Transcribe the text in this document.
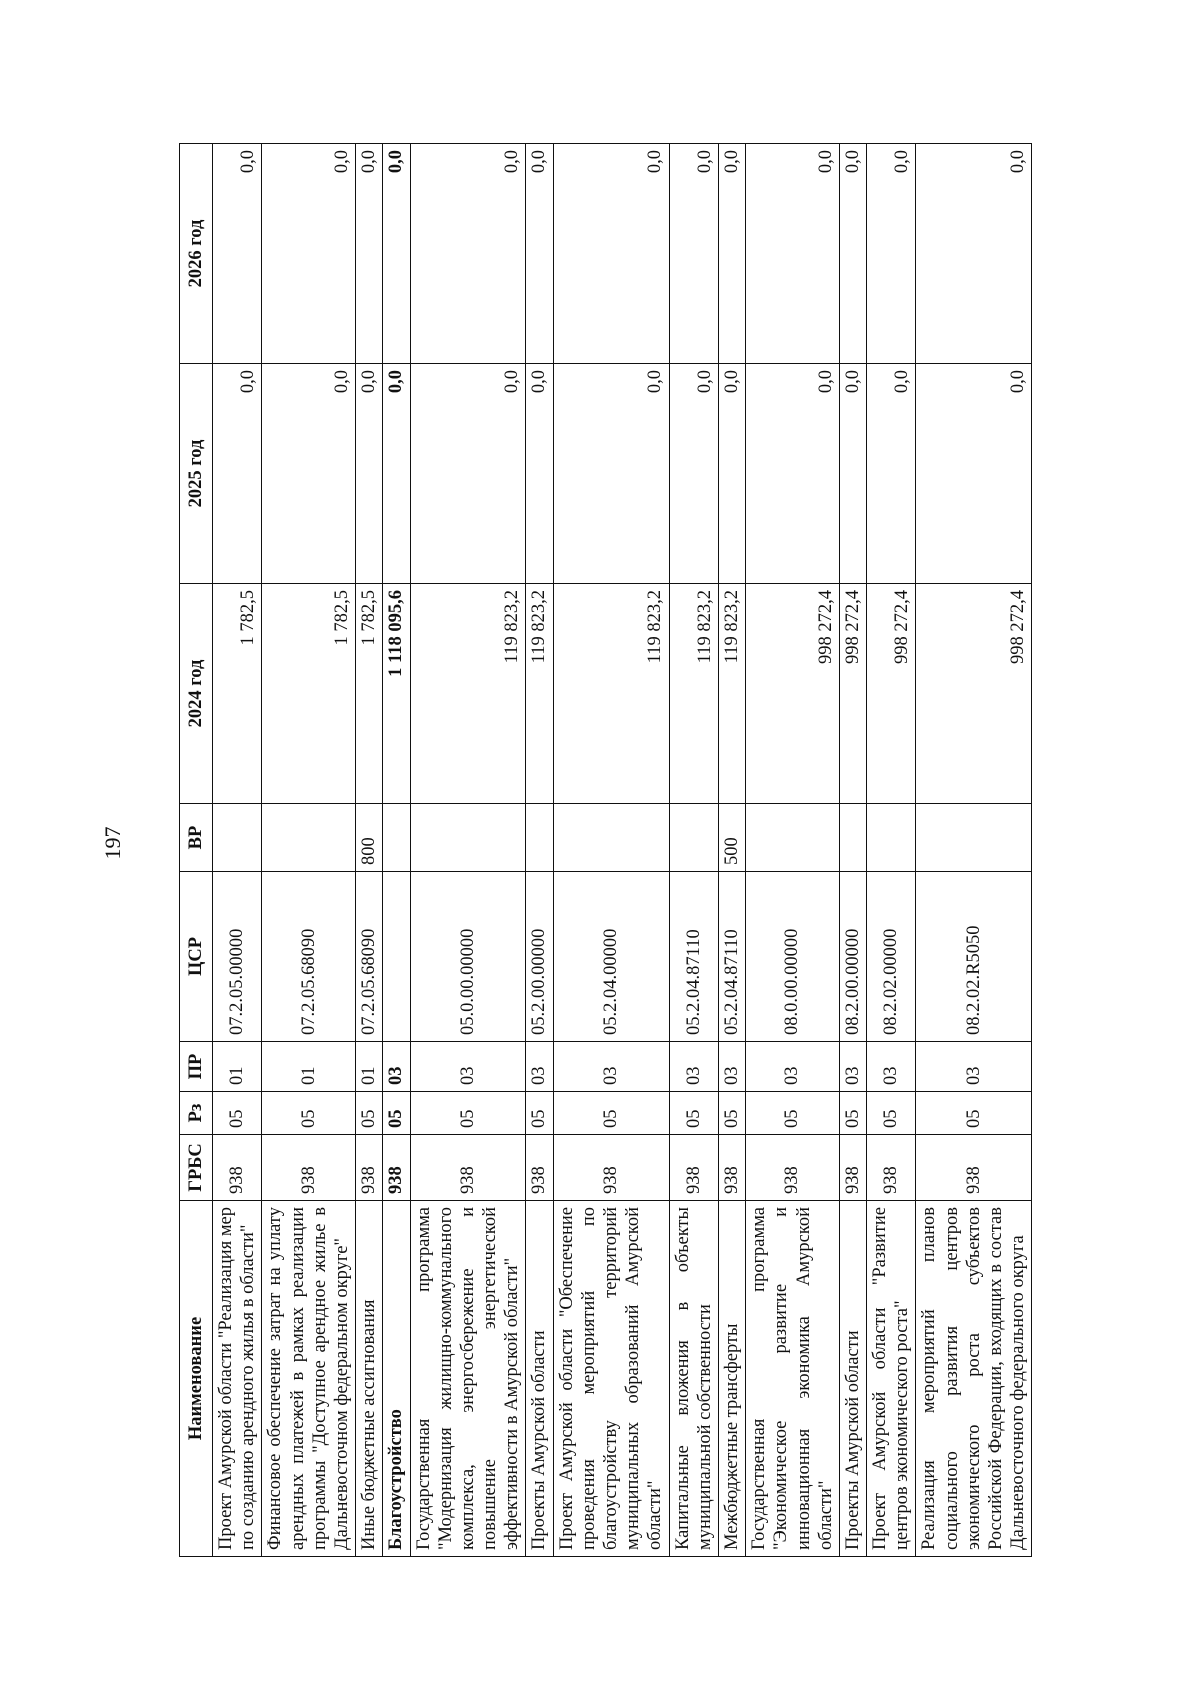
197
Наименование	ГРБС	Рз	ПР	ЦСР	ВР	2024 год	2025 год	2026 год
Проект Амурской области "Реализация мер по созданию арендного жилья в области"	938	05	01	07.2.05.00000		1 782,5	0,0	0,0
Финансовое обеспечение затрат на уплату арендных платежей в рамках реализации программы "Доступное арендное жилье в Дальневосточном федеральном округе"	938	05	01	07.2.05.68090		1 782,5	0,0	0,0
Иные бюджетные ассигнования	938	05	01	07.2.05.68090	800	1 782,5	0,0	0,0
Благоустройство	938	05	03			1 118 095,6	0,0	0,0
Государственная программа "Модернизация жилищно-коммунального комплекса, энергосбережение и повышение энергетической эффективности в Амурской области"	938	05	03	05.0.00.00000		119 823,2	0,0	0,0
Проекты Амурской области	938	05	03	05.2.00.00000		119 823,2	0,0	0,0
Проект Амурской области "Обеспечение проведения мероприятий по благоустройству территорий муниципальных образований Амурской области"	938	05	03	05.2.04.00000		119 823,2	0,0	0,0
Капитальные вложения в объекты муниципальной собственности	938	05	03	05.2.04.87110		119 823,2	0,0	0,0
Межбюджетные трансферты	938	05	03	05.2.04.87110	500	119 823,2	0,0	0,0
Государственная программа "Экономическое развитие и инновационная экономика Амурской области"	938	05	03	08.0.00.00000		998 272,4	0,0	0,0
Проекты Амурской области	938	05	03	08.2.00.00000		998 272,4	0,0	0,0
Проект Амурской области "Развитие центров экономического роста"	938	05	03	08.2.02.00000		998 272,4	0,0	0,0
Реализация мероприятий планов социального развития центров экономического роста субъектов Российской Федерации, входящих в состав Дальневосточного федерального округа	938	05	03	08.2.02.R5050		998 272,4	0,0	0,0
